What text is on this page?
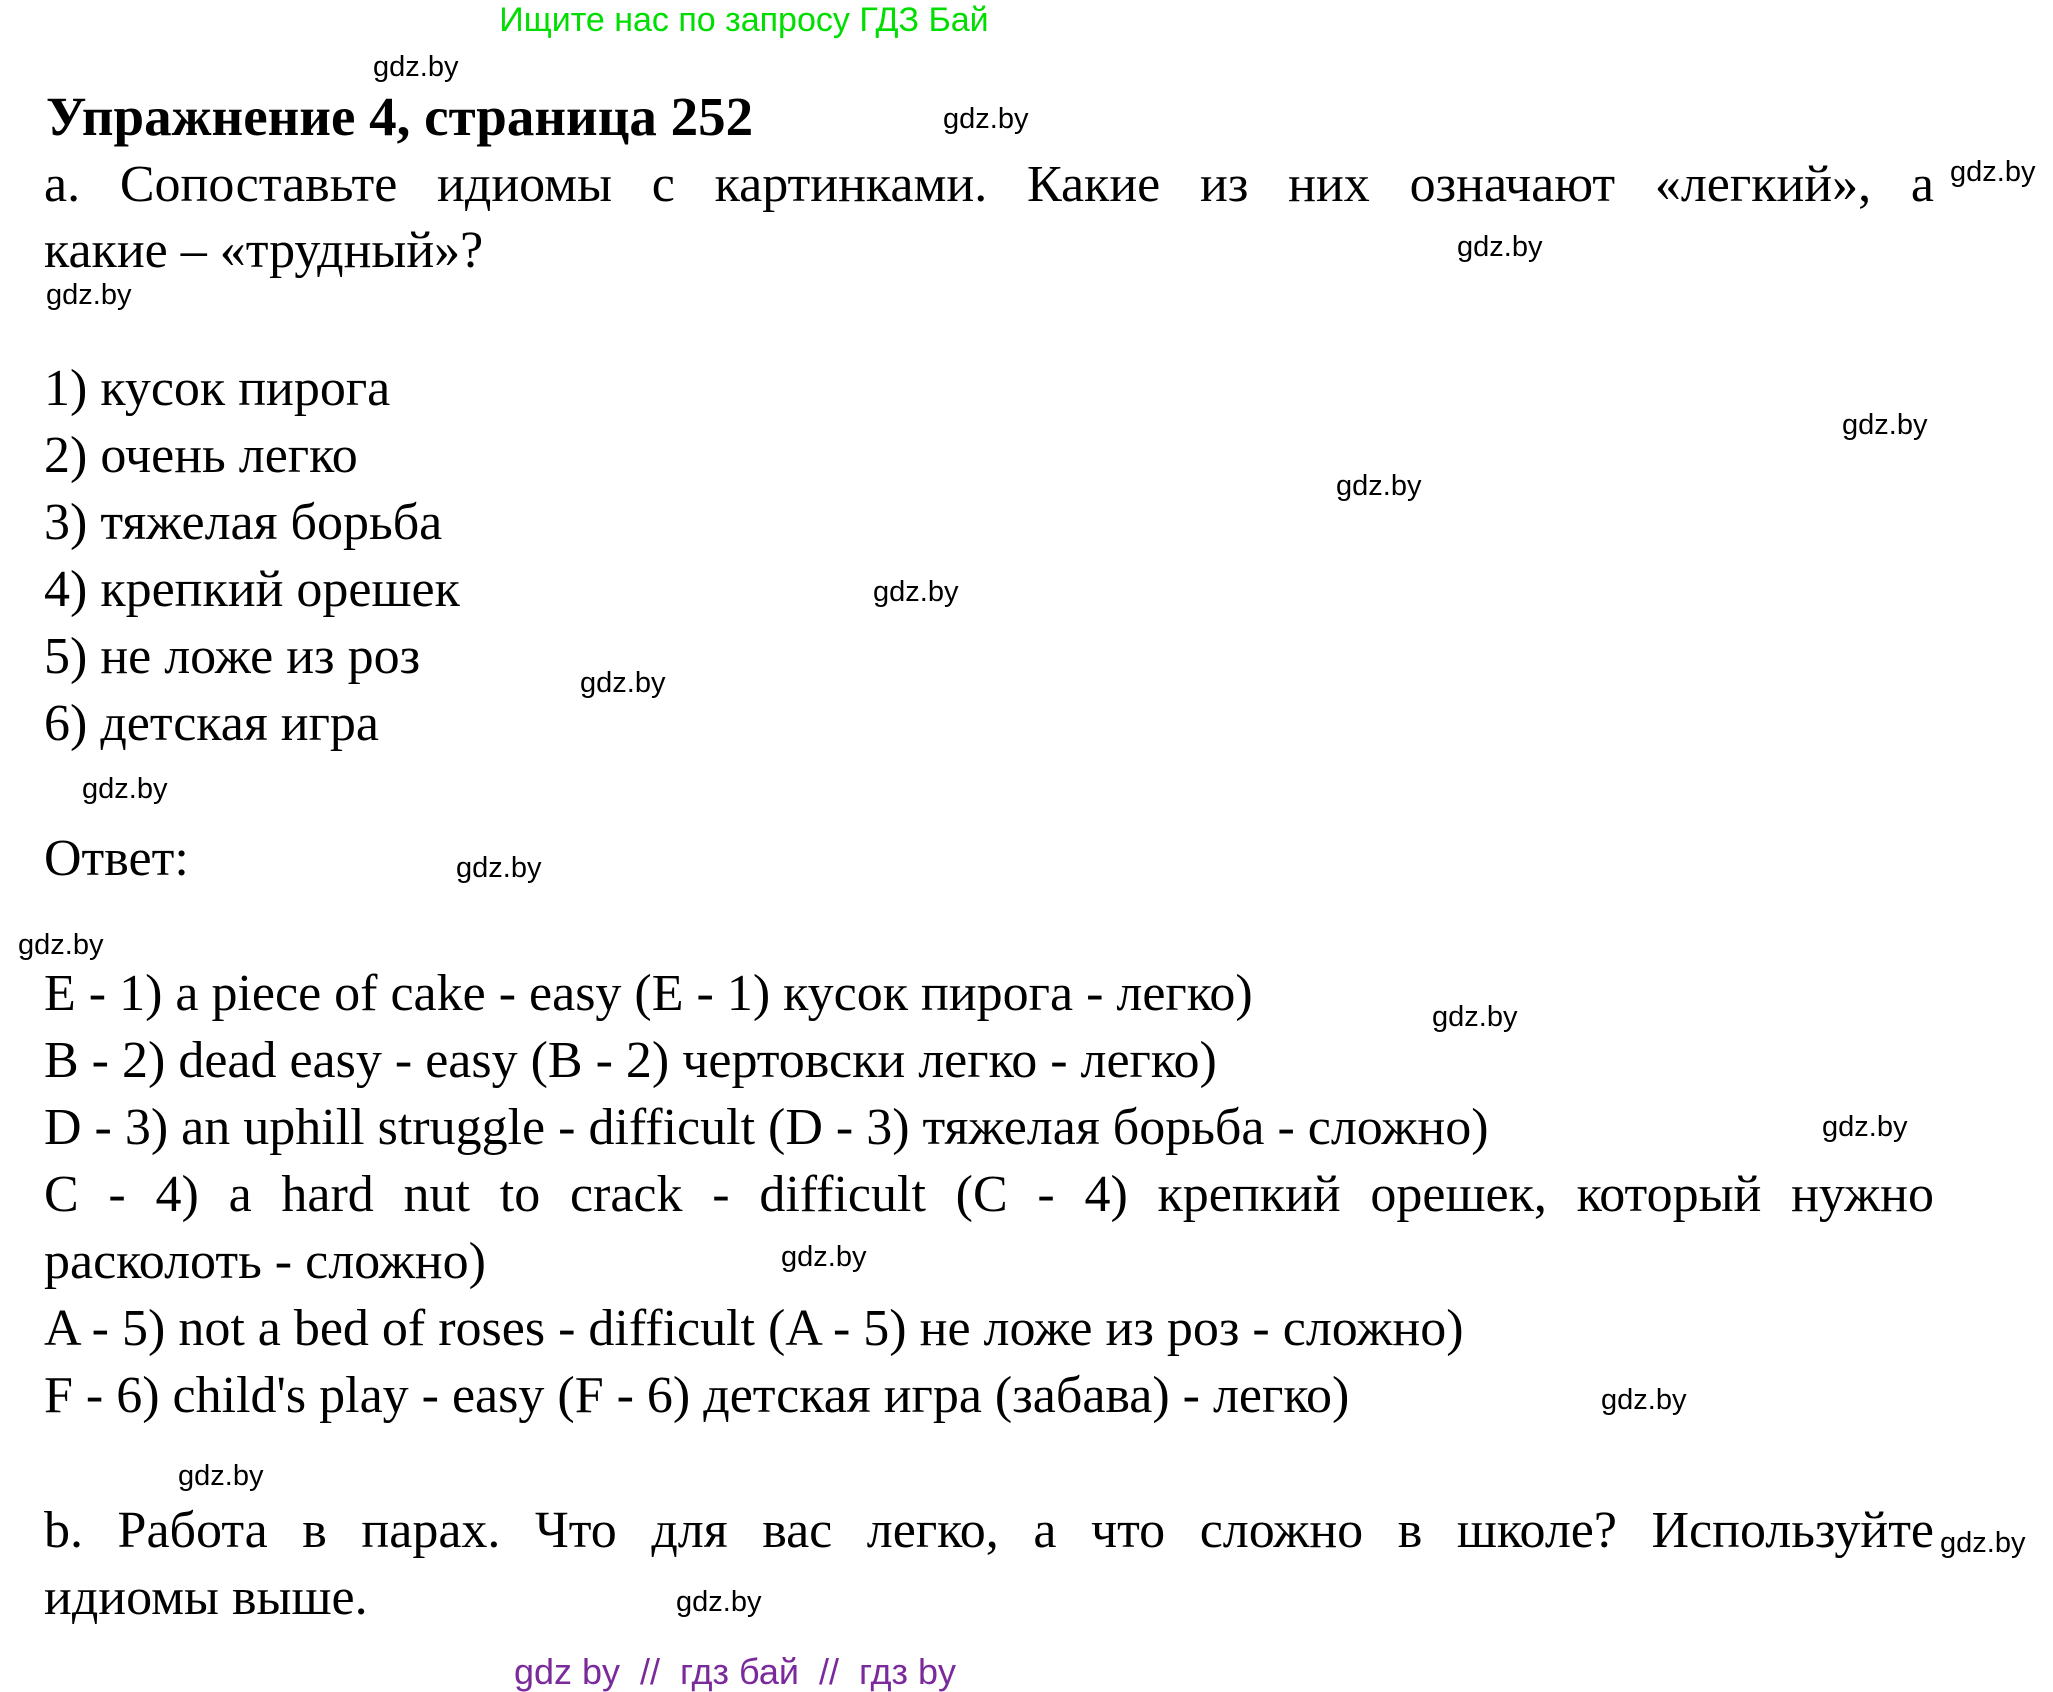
Ищите нас по запросу ГДЗ Бай
Упражнение 4, страница 252
a. Сопоставьте идиомы с картинками. Какие из них означают «легкий», а
какие – «трудный»?
1) кусок пирога
2) очень легко
3) тяжелая борьба
4) крепкий орешек
5) не ложе из роз
6) детская игра
Ответ:
E - 1) a piece of cake - easy (E - 1) кусок пирога - легко)
B - 2) dead easy - easy (B - 2) чертовски легко - легко)
D - 3) an uphill struggle - difficult (D - 3) тяжелая борьба - сложно)
C - 4) a hard nut to crack - difficult (C - 4) крепкий орешек, который нужно
расколоть - сложно)
A - 5) not a bed of roses - difficult (A - 5) не ложе из роз - сложно)
F - 6) child's play - easy (F - 6) детская игра (забава) - легко)
b. Работа в парах. Что для вас легко, а что сложно в школе? Используйте
идиомы выше.
gdz.by
gdz.by
gdz.by
gdz.by
gdz.by
gdz.by
gdz.by
gdz.by
gdz.by
gdz.by
gdz.by
gdz.by
gdz.by
gdz.by
gdz.by
gdz.by
gdz.by
gdz.by
gdz.by
gdz by  //  гдз бай  //  гдз by
